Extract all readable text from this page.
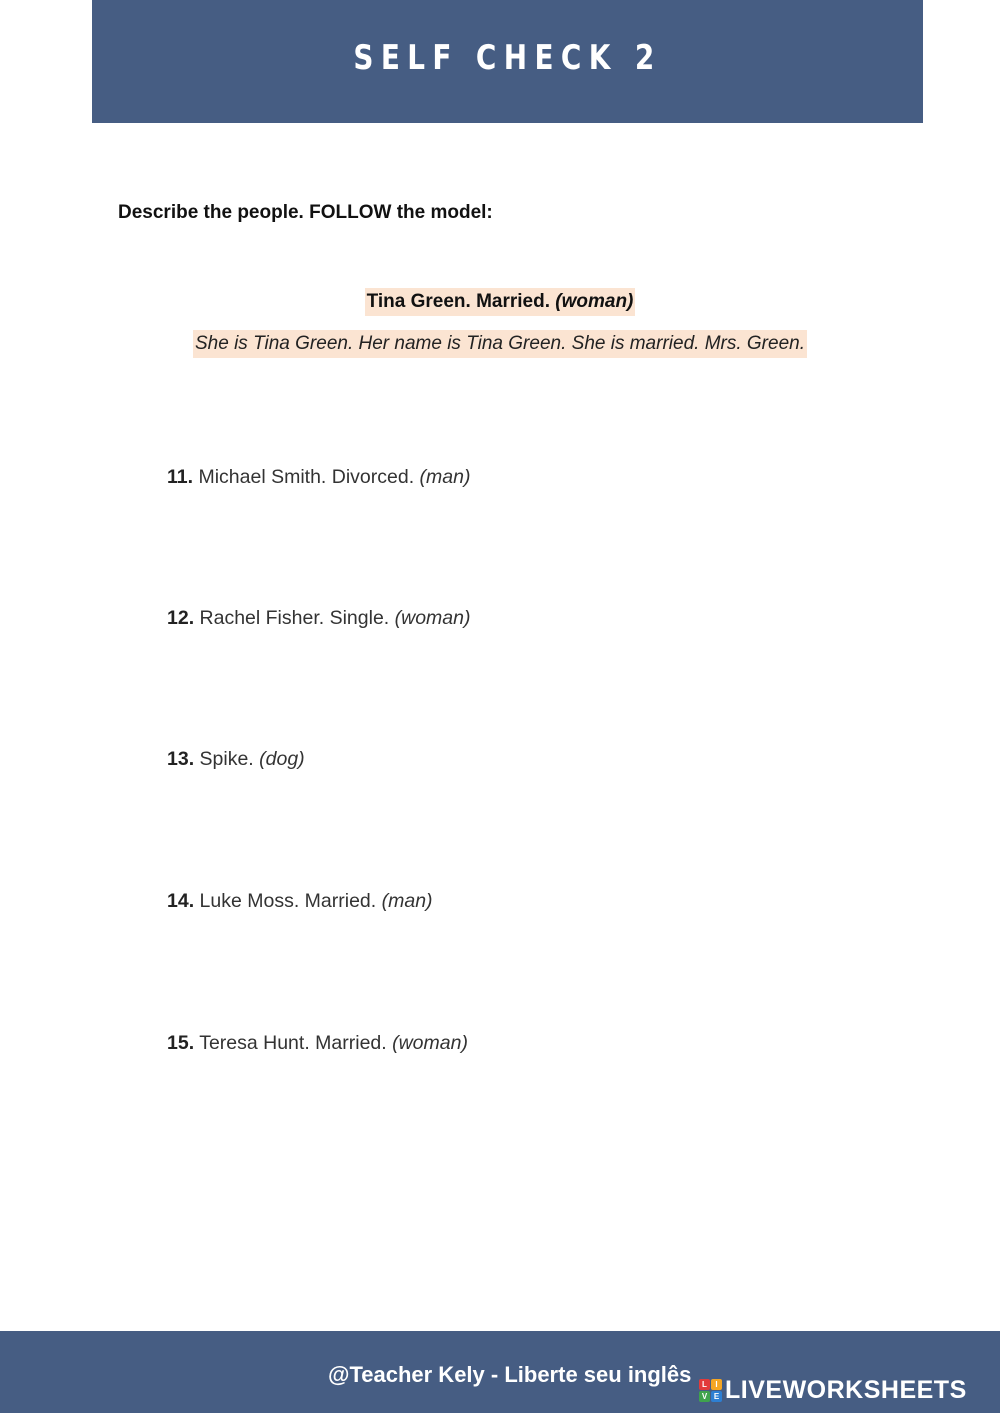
SELF CHECK 2
Describe the people. FOLLOW the model:
Tina Green. Married. (woman)
She is Tina Green. Her name is Tina Green. She is married. Mrs. Green.
11. Michael Smith. Divorced. (man)
12. Rachel Fisher. Single. (woman)
13. Spike. (dog)
14. Luke Moss. Married. (man)
15. Teresa Hunt. Married. (woman)
@Teacher Kely - Liberte seu inglês	L	I
V E LIVEWORKSHEETS
